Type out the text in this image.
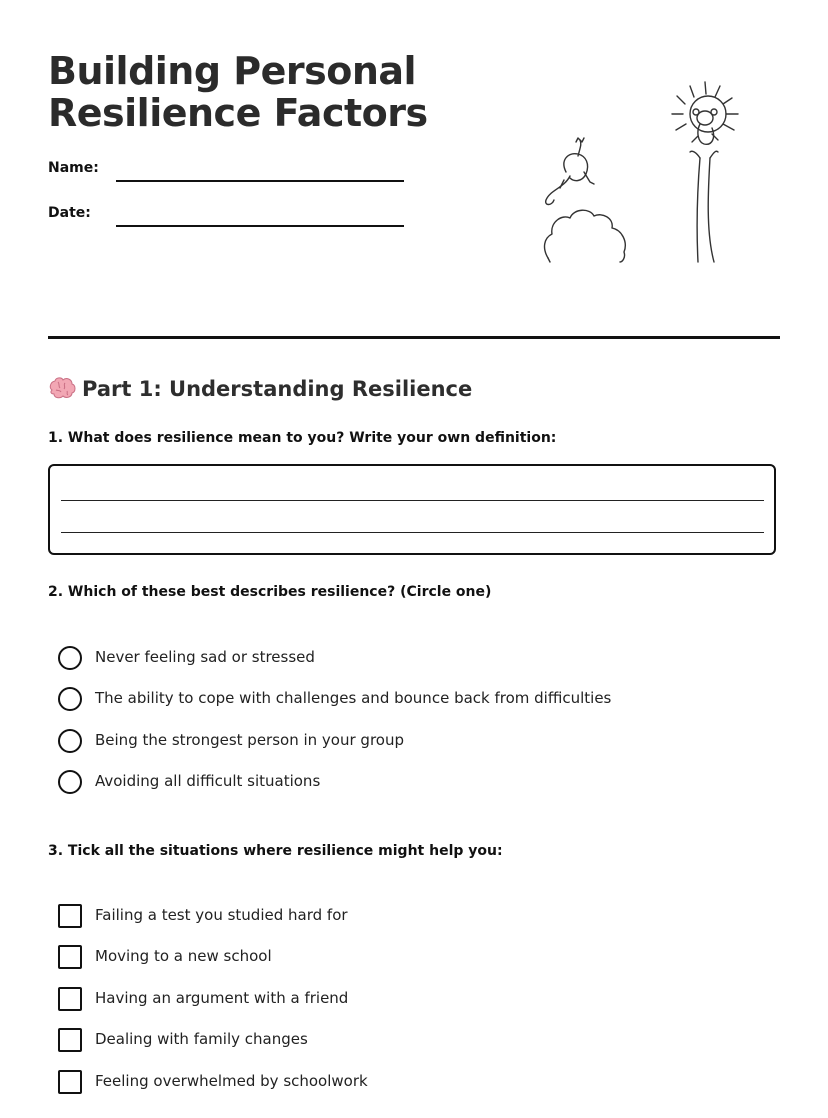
Building Personal
Resilience Factors
Name:
Date:
Part 1: Understanding Resilience

1. What does resilience mean to you? Write your own definition:

2. Which of these best describes resilience? (Circle one)

Never feeling sad or stressed
The ability to cope with challenges and bounce back from difficulties
Being the strongest person in your group
Avoiding all difficult situations

3. Tick all the situations where resilience might help you:

Failing a test you studied hard for
Moving to a new school
Having an argument with a friend
Dealing with family changes
Feeling overwhelmed by schoolwork
